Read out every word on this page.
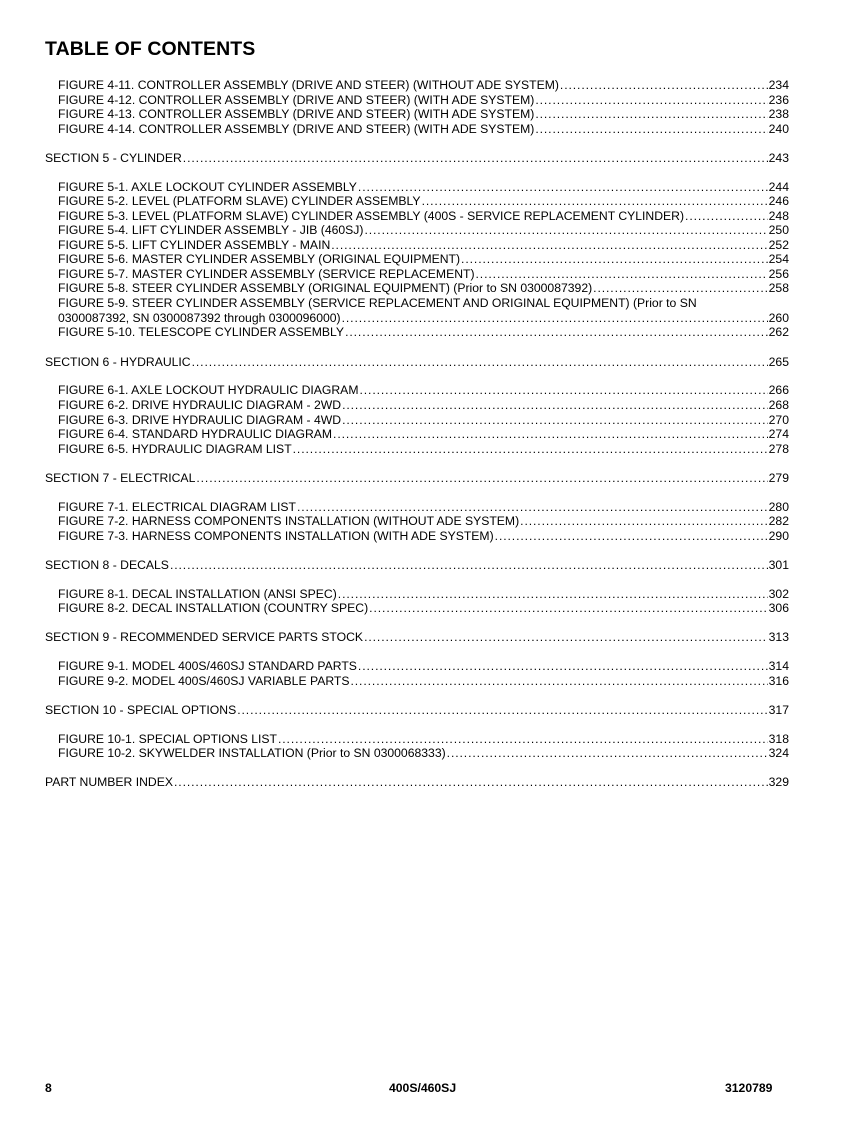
TABLE OF CONTENTS
FIGURE 4-11. CONTROLLER ASSEMBLY (DRIVE AND STEER) (WITHOUT ADE SYSTEM) .....	234
FIGURE 4-12. CONTROLLER ASSEMBLY (DRIVE AND STEER) (WITH ADE SYSTEM) .....	236
FIGURE 4-13. CONTROLLER ASSEMBLY (DRIVE AND STEER) (WITH ADE SYSTEM) .....	238
FIGURE 4-14. CONTROLLER ASSEMBLY (DRIVE AND STEER) (WITH ADE SYSTEM) .....	240
SECTION 5 - CYLINDER .....	243
FIGURE 5-1. AXLE LOCKOUT CYLINDER ASSEMBLY .....	244
FIGURE 5-2. LEVEL (PLATFORM SLAVE) CYLINDER ASSEMBLY .....	246
FIGURE 5-3. LEVEL (PLATFORM SLAVE) CYLINDER ASSEMBLY (400S - SERVICE REPLACEMENT CYLINDER) .....	248
FIGURE 5-4. LIFT CYLINDER ASSEMBLY - JIB (460SJ) .....	250
FIGURE 5-5. LIFT CYLINDER ASSEMBLY - MAIN .....	252
FIGURE 5-6. MASTER CYLINDER ASSEMBLY (ORIGINAL EQUIPMENT) .....	254
FIGURE 5-7. MASTER CYLINDER ASSEMBLY (SERVICE REPLACEMENT) .....	256
FIGURE 5-8. STEER CYLINDER ASSEMBLY (ORIGINAL EQUIPMENT) (Prior to SN 0300087392) .....	258
FIGURE 5-9. STEER CYLINDER ASSEMBLY (SERVICE REPLACEMENT AND ORIGINAL EQUIPMENT) (Prior to SN
0300087392, SN 0300087392 through 0300096000) .....	260
FIGURE 5-10. TELESCOPE CYLINDER ASSEMBLY .....	262
SECTION 6 - HYDRAULIC .....	265
FIGURE 6-1. AXLE LOCKOUT HYDRAULIC DIAGRAM .....	266
FIGURE 6-2. DRIVE HYDRAULIC DIAGRAM - 2WD .....	268
FIGURE 6-3. DRIVE HYDRAULIC DIAGRAM - 4WD .....	270
FIGURE 6-4. STANDARD HYDRAULIC DIAGRAM .....	274
FIGURE 6-5. HYDRAULIC DIAGRAM LIST .....	278
SECTION 7 - ELECTRICAL .....	279
FIGURE 7-1. ELECTRICAL DIAGRAM LIST .....	280
FIGURE 7-2. HARNESS COMPONENTS INSTALLATION (WITHOUT ADE SYSTEM) .....	282
FIGURE 7-3. HARNESS COMPONENTS INSTALLATION (WITH ADE SYSTEM) .....	290
SECTION 8 - DECALS .....	301
FIGURE 8-1. DECAL INSTALLATION (ANSI SPEC) .....	302
FIGURE 8-2. DECAL INSTALLATION (COUNTRY SPEC) .....	306
SECTION 9 - RECOMMENDED SERVICE PARTS STOCK .....	313
FIGURE 9-1. MODEL 400S/460SJ STANDARD PARTS .....	314
FIGURE 9-2. MODEL 400S/460SJ VARIABLE PARTS .....	316
SECTION 10 - SPECIAL OPTIONS .....	317
FIGURE 10-1. SPECIAL OPTIONS LIST .....	318
FIGURE 10-2. SKYWELDER INSTALLATION (Prior to SN 0300068333) .....	324
PART NUMBER INDEX .....	329
8	400S/460SJ	3120789
